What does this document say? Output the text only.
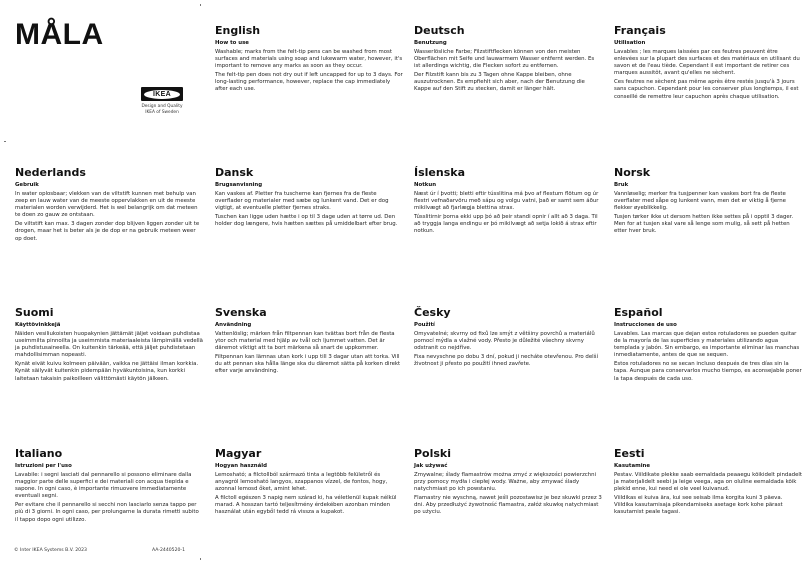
MÅLA
IKEA
Design and Quality
IKEA of Sweden
English
How to use

Washable; marks from the felt-tip pens can be washed from most surfaces and materials using soap and lukewarm water, however, it's important to remove any marks as soon as they occur.

The felt-tip pen does not dry out if left uncapped for up to 3 days. For long-lasting performance, however, replace the cap immediately after each use.

Deutsch
Benutzung

Wasserlösliche Farbe; Filzstiftflecken können von den meisten Oberflächen mit Seife und lauwarmem Wasser entfernt werden. Es ist allerdings wichtig, die Flecken sofort zu entfernen.

Der Filzstift kann bis zu 3 Tagen ohne Kappe bleiben, ohne auszutrocknen. Es empfiehlt sich aber, nach der Benutzung die Kappe auf den Stift zu stecken, damit er länger hält.

Français
Utilisation

Lavables ; les marques laissées par ces feutres peuvent être enlevées sur la plupart des surfaces et des matériaux en utilisant du savon et de l'eau tiède. Cependant il est important de retirer ces marques aussitôt, avant qu'elles ne sèchent.

Ces feutres ne sèchent pas même après être restés jusqu'à 3 jours sans capuchon. Cependant pour les conserver plus longtemps, il est conseillé de remettre leur capuchon après chaque utilisation.

Nederlands
Gebruik

In water oplosbaar; vlekken van de viltstift kunnen met behulp van zeep en lauw water van de meeste oppervlakken en uit de meeste materialen worden verwijderd. Het is wel belangrijk om dat meteen te doen zo gauw ze ontstaan.

De viltstift kan max. 3 dagen zonder dop blijven liggen zonder uit te drogen, maar het is beter als je de dop er na gebruik meteen weer op doet.

Dansk
Brugsanvisning

Kan vaskes af. Pletter fra tuscherne kan fjernes fra de fleste overflader og materialer med sæbe og lunkent vand. Det er dog vigtigt, at eventuelle pletter fjernes straks.

Tuschen kan ligge uden hætte i op til 3 dage uden at tørre ud. Den holder dog længere, hvis hætten sættes på umiddelbart efter brug.

Íslenska
Notkun

Næst úr í þvotti; bletti eftir tússlitina má þvo af flestum flötum og úr flestri vefnaðarvöru með sápu og volgu vatni, það er samt sem áður mikilvægt að fjarlægja blettina strax.

Tússlitirnir þorna ekki upp þó að þeir standi opnir í allt að 3 daga. Til að tryggja langa endingu er þó mikilvægt að setja lokið á strax eftir notkun.

Norsk
Bruk

Vannløselig; merker fra tusjpenner kan vaskes bort fra de fleste overflater med såpe og lunkent vann, men det er viktig å fjerne flekker øyeblikkelig.

Tusjen tørker ikke ut dersom hetten ikke settes på i opptil 3 dager. Men for at tusjen skal vare så lenge som mulig, så sett på hetten etter hver bruk.

Suomi
Käyttövinkkejä

Näiden vesiliukoisten huopakynien jättämät jäljet voidaan puhdistaa useimmilta pinnoilta ja useimmista materiaaleista lämpimällä vedellä ja puhdistusaineella. On kuitenkin tärkeää, että jäljet puhdistetaan mahdollisimman nopeasti.

Kynät eivät kuivu kolmeen päivään, vaikka ne jättäisi ilman korkkia. Kynät säilyvät kuitenkin pidempään hyväkuntoisina, kun korkki laitetaan takaisin paikoilleen välittömästi käytön jälkeen.

Svenska
Användning

Vattenlöslig; märken från filtpennan kan tvättas bort från de flesta ytor och material med hjälp av tvål och ljummet vatten. Det är däremot viktigt att ta bort märkena så snart de uppkommer.

Filtpennan kan lämnas utan kork i upp till 3 dagar utan att torka. Vill du att pennan ska hålla länge ska du däremot sätta på korken direkt efter varje användning.

Česky
Použití

Omyvatelné; skvrny od fixů lze smýt z většiny povrchů a materiálů pomocí mýdla a vlažné vody. Přesto je důležité všechny skvrny odstranit co nejdříve.

Fixa nevyschne po dobu 3 dní, pokud ji necháte otevřenou. Pro delší životnost ji přesto po použití ihned zavřete.

Español
Instrucciones de uso

Lavables. Las marcas que dejan estos rotuladores se pueden quitar de la mayoría de las superficies y materiales utilizando agua templada y jabón. Sin embargo, es importante eliminar las manchas inmediatamente, antes de que se sequen.

Estos rotuladores no se secan incluso después de tres días sin la tapa. Aunque para conservarlos mucho tiempo, es aconsejable poner la tapa después de cada uso.

Italiano
Istruzioni per l'uso

Lavabile: i segni lasciati dal pennarello si possono eliminare dalla maggior parte delle superfici e dei materiali con acqua tiepida e sapone. In ogni caso, è importante rimuovere immediatamente eventuali segni.

Per evitare che il pennarello si secchi non lasciarlo senza tappo per più di 3 giorni. In ogni caso, per prolungarne la durata rimetti subito il tappo dopo ogni utilizzo.

Magyar
Hogyan használd

Lemosható; a filctollból származó tinta a legtöbb felületről és anyagról lemosható langyos, szappanos vízzel, de fontos, hogy, azonnal lemosd őket, amint lehet.

A filctoll egészen 3 napig nem szárad ki, ha véletlenül kupak nélkül marad. A hosszan tartó teljesítmény érdekében azonban minden használat után egyből tedd rá vissza a kupakot.

Polski
Jak używać

Zmywalne; ślady flamastrów można zmyć z większości powierzchni przy pomocy mydła i ciepłej wody. Ważne, aby zmywać ślady natychmiast po ich powstaniu.

Flamastry nie wyschną, nawet jeśli pozostawisz je bez skuwki przez 3 dni. Aby przedłużyć żywotność flamastra, załóż skuwkę natychmiast po użyciu.

Eesti
Kasutamine

Pestav. Viildikate plekke saab eemaldada peaaegu kõikidelt pindadelt ja materjalidelt seebi ja leige veega, aga on oluline eemaldada kõik plekid enne, kui need ei ole veel kuivanud.

Viildikas ei kuiva ära, kui see seisab ilma korgita kuni 3 päeva. Viildika kasutamisaja pikendamiseks asetage kork kohe pärast kasutamist peale tagasi.

© Inter IKEA Systems B.V. 2023	AA-2440520-1
